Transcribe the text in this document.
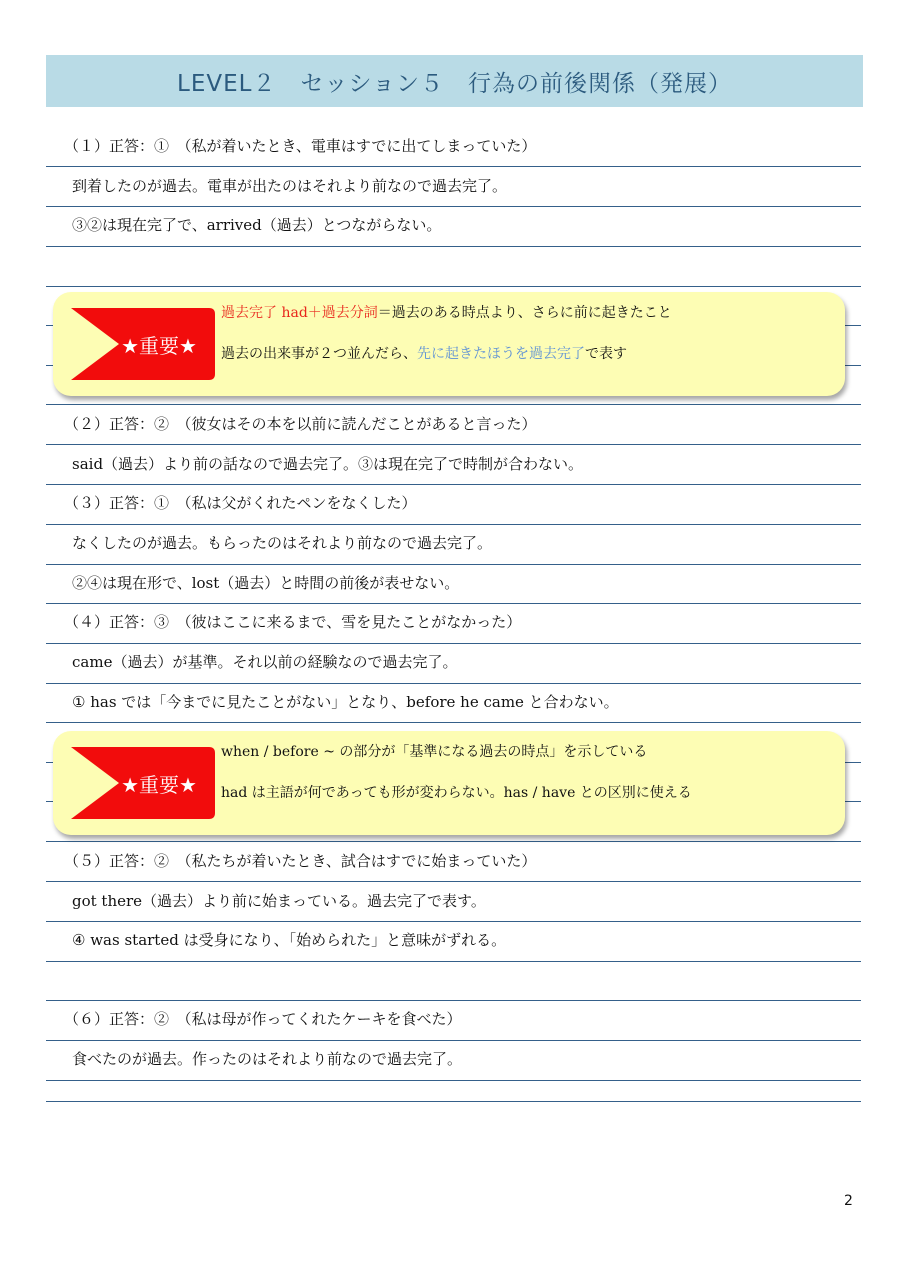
LEVEL２　セッション５　行為の前後関係（発展）
（１）正答：①　（私が着いたとき、電車はすでに出てしまっていた）
到着したのが過去。電車が出たのはそれより前なので過去完了。
③②は現在完了で、arrived（過去）とつながらない。
★重要★
過去完了 had＋過去分詞＝過去のある時点より、さらに前に起きたこと
過去の出来事が２つ並んだら、先に起きたほうを過去完了で表す
（２）正答：②　（彼女はその本を以前に読んだことがあると言った）
said（過去）より前の話なので過去完了。③は現在完了で時制が合わない。
（３）正答：①　（私は父がくれたペンをなくした）
なくしたのが過去。もらったのはそれより前なので過去完了。
②④は現在形で、lost（過去）と時間の前後が表せない。
（４）正答：③　（彼はここに来るまで、雪を見たことがなかった）
came（過去）が基準。それ以前の経験なので過去完了。
① has では「今までに見たことがない」となり、before he came と合わない。
★重要★
when / before ~ の部分が「基準になる過去の時点」を示している
had は主語が何であっても形が変わらない。has / have との区別に使える
（５）正答：②　（私たちが着いたとき、試合はすでに始まっていた）
got there（過去）より前に始まっている。過去完了で表す。
④ was started は受身になり、「始められた」と意味がずれる。
（６）正答：②　（私は母が作ってくれたケーキを食べた）
食べたのが過去。作ったのはそれより前なので過去完了。
2
